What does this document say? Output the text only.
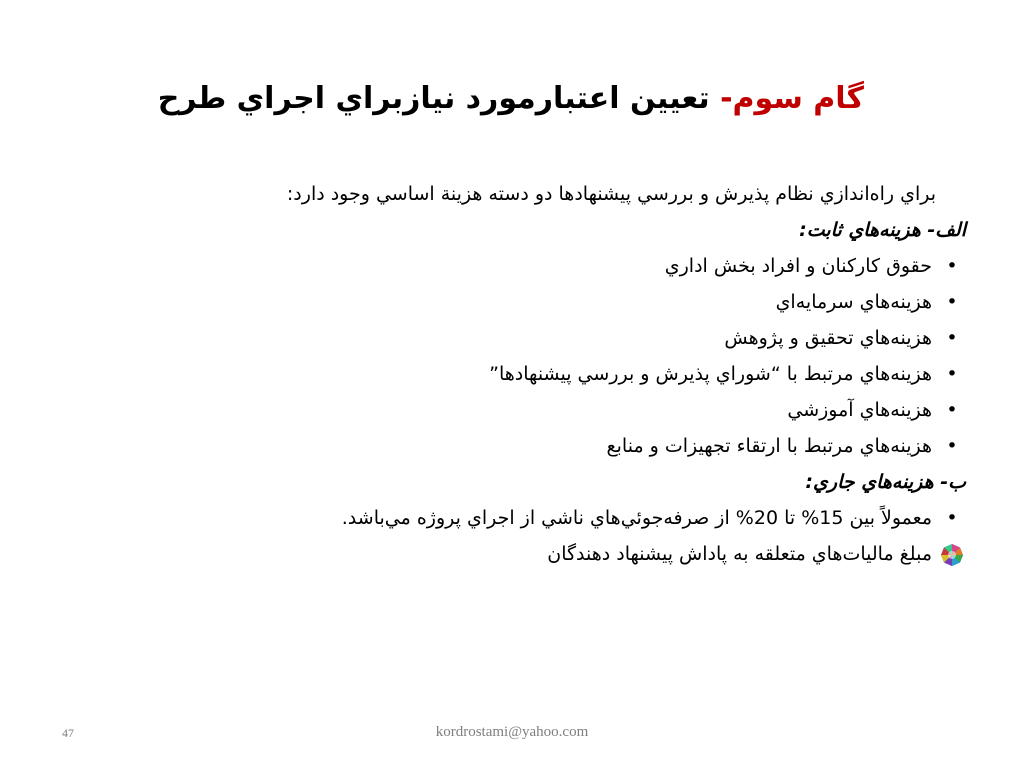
گام سوم- تعيين اعتبارمورد نيازبراي اجراي طرح
براي راه‌اندازي نظام پذيرش و بررسي پيشنهادها دو دسته هزينة اساسي وجود دارد:
الف- هزينه‌هاي ثابت:
•
حقوق كاركنان و افراد بخش اداري
•
هزينه‌هاي سرمايه‌اي
•
هزينه‌هاي تحقيق و پژوهش
•
هزينه‌هاي مرتبط با “شوراي پذيرش و بررسي پيشنهادها”
•
هزينه‌هاي آموزشي
•
هزينه‌هاي مرتبط با ارتقاء تجهيزات و منابع
ب- هزينه‌هاي جاري:
•
معمولاً بين 15% تا 20% از صرفه‌جوئي‌هاي ناشي از اجراي پروژه مي‌باشد.
مبلغ ماليات‌هاي متعلقه به پاداش پيشنهاد دهندگان
47	kordrostami@yahoo.com
